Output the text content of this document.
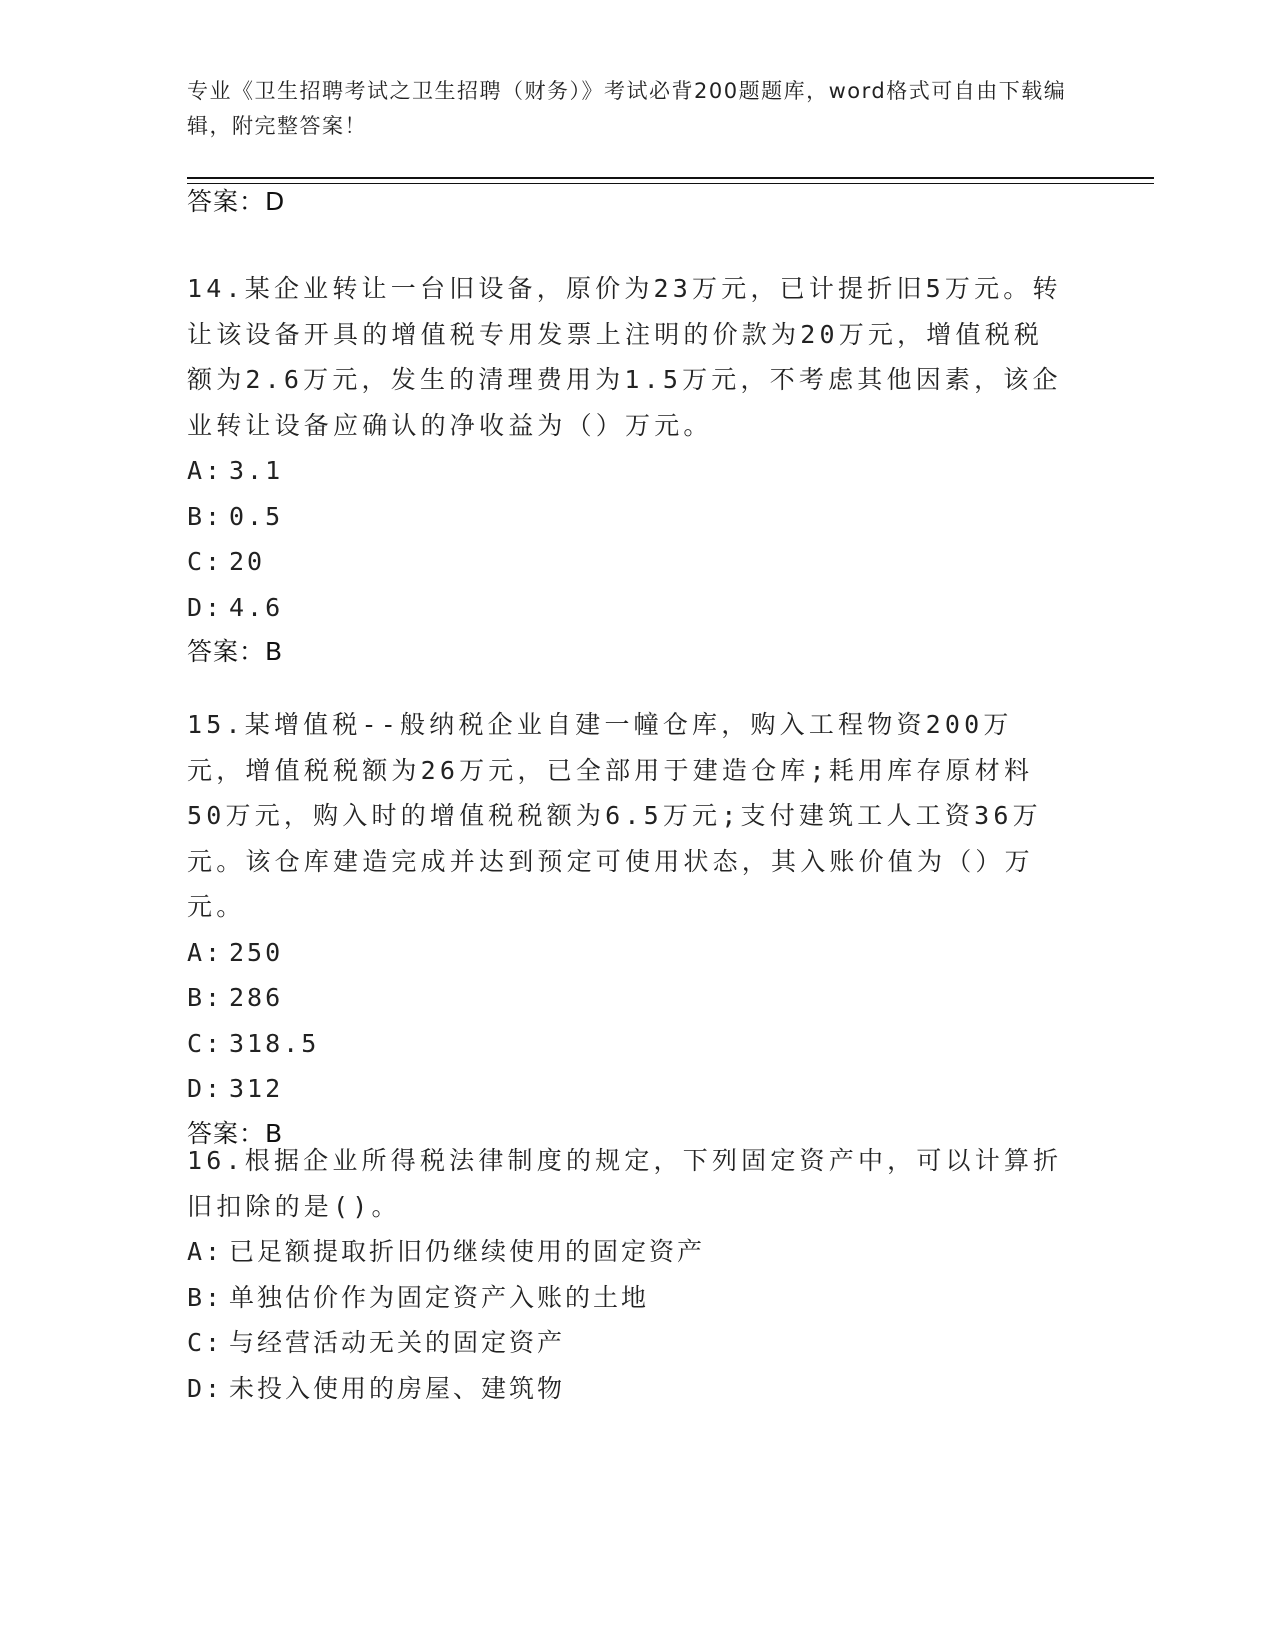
专业《卫生招聘考试之卫生招聘（财务）》考试必背200题题库，word格式可自由下载编辑，附完整答案！
答案：D

14.某企业转让一台旧设备，原价为23万元，已计提折旧5万元。转让该设备开具的增值税专用发票上注明的价款为20万元，增值税税额为2.6万元，发生的清理费用为1.5万元，不考虑其他因素，该企业转让设备应确认的净收益为（）万元。

A: 3.1
B: 0.5
C: 20
D: 4.6
答案：B

15.某增值税--般纳税企业自建一幢仓库，购入工程物资200万元，增值税税额为26万元，已全部用于建造仓库;耗用库存原材料50万元，购入时的增值税税额为6.5万元;支付建筑工人工资36万元。该仓库建造完成并达到预定可使用状态，其入账价值为（）万元。

A: 250
B: 286
C: 318.5
D: 312
答案：B

16.根据企业所得税法律制度的规定，下列固定资产中，可以计算折旧扣除的是()。

A: 已足额提取折旧仍继续使用的固定资产
B: 单独估价作为固定资产入账的土地
C: 与经营活动无关的固定资产
D: 未投入使用的房屋、建筑物
